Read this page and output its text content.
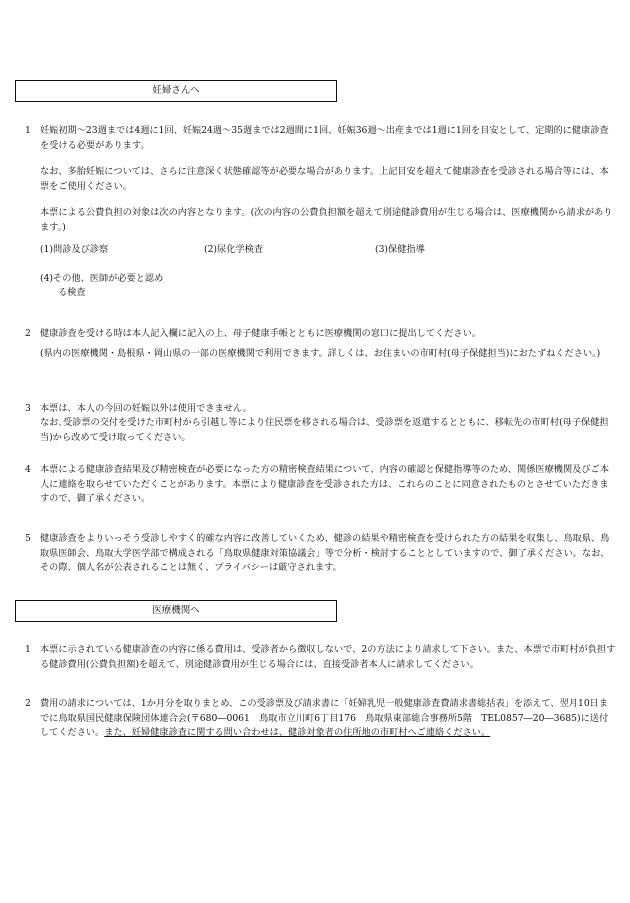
妊婦さんへ
1 妊娠初期～23週までは4週に1回、妊娠24週～35週までは2週間に1回、妊娠36週～出産までは1週に1回を目安として、定期的に健康診査を受ける必要があります。

なお、多胎妊娠については、さらに注意深く状態確認等が必要な場合があります。上記目安を超えて健康診査を受診される場合等には、本票をご使用ください。

本票による公費負担の対象は次の内容となります。(次の内容の公費負担額を超えて別途健診費用が生じる場合は、医療機関から請求があります。)

(1)問診及び診察	(2)尿化学検査	(3)保健指導
(4)その他、医師が必要と認め
る検査
2 健康診査を受ける時は本人記入欄に記入の上、母子健康手帳とともに医療機関の窓口に提出してください。

(県内の医療機関・島根県・岡山県の一部の医療機関で利用できます。詳しくは、お住まいの市町村(母子保健担当)におたずねください。)

3 本票は、本人の今回の妊娠以外は使用できません。

なお､受診票の交付を受けた市町村から引越し等により住民票を移される場合は、受診票を返還するとともに、移転先の市町村(母子保健担当)から改めて受け取ってください。

4 本票による健康診査結果及び精密検査が必要になった方の精密検査結果について、内容の確認と保健指導等のため、関係医療機関及びご本人に連絡を取らせていただくことがあります。本票により健康診査を受診された方は、これらのことに同意されたものとさせていただきますので、御了承ください。

5 健康診査をよりいっそう受診しやすく的確な内容に改善していくため、健診の結果や精密検査を受けられた方の結果を収集し、鳥取県、鳥取県医師会、鳥取大学医学部で構成される「鳥取県健康対策協議会」等で分析・検討することとしていますので、御了承ください。なお、その際、個人名が公表されることは無く、プライバシーは厳守されます。

医療機関へ
1 本票に示されている健康診査の内容に係る費用は、受診者から徴収しないで、2の方法により請求して下さい。また、本票で市町村が負担する健診費用(公費負担額)を超えて、別途健診費用が生じる場合には、直接受診者本人に請求してください。

2 費用の請求については、1か月分を取りまとめ、この受診票及び請求書に「妊婦乳児一般健康診査費請求書総括表」を添えて、翌月10日までに鳥取県国民健康保険団体連合会(〒680―0061　鳥取市立川町6丁目176　鳥取県東部総合事務所5階　TEL0857―20―3685)に送付してください。また、妊婦健康診査に関する問い合わせは、健診対象者の住所地の市町村へご連絡ください。
